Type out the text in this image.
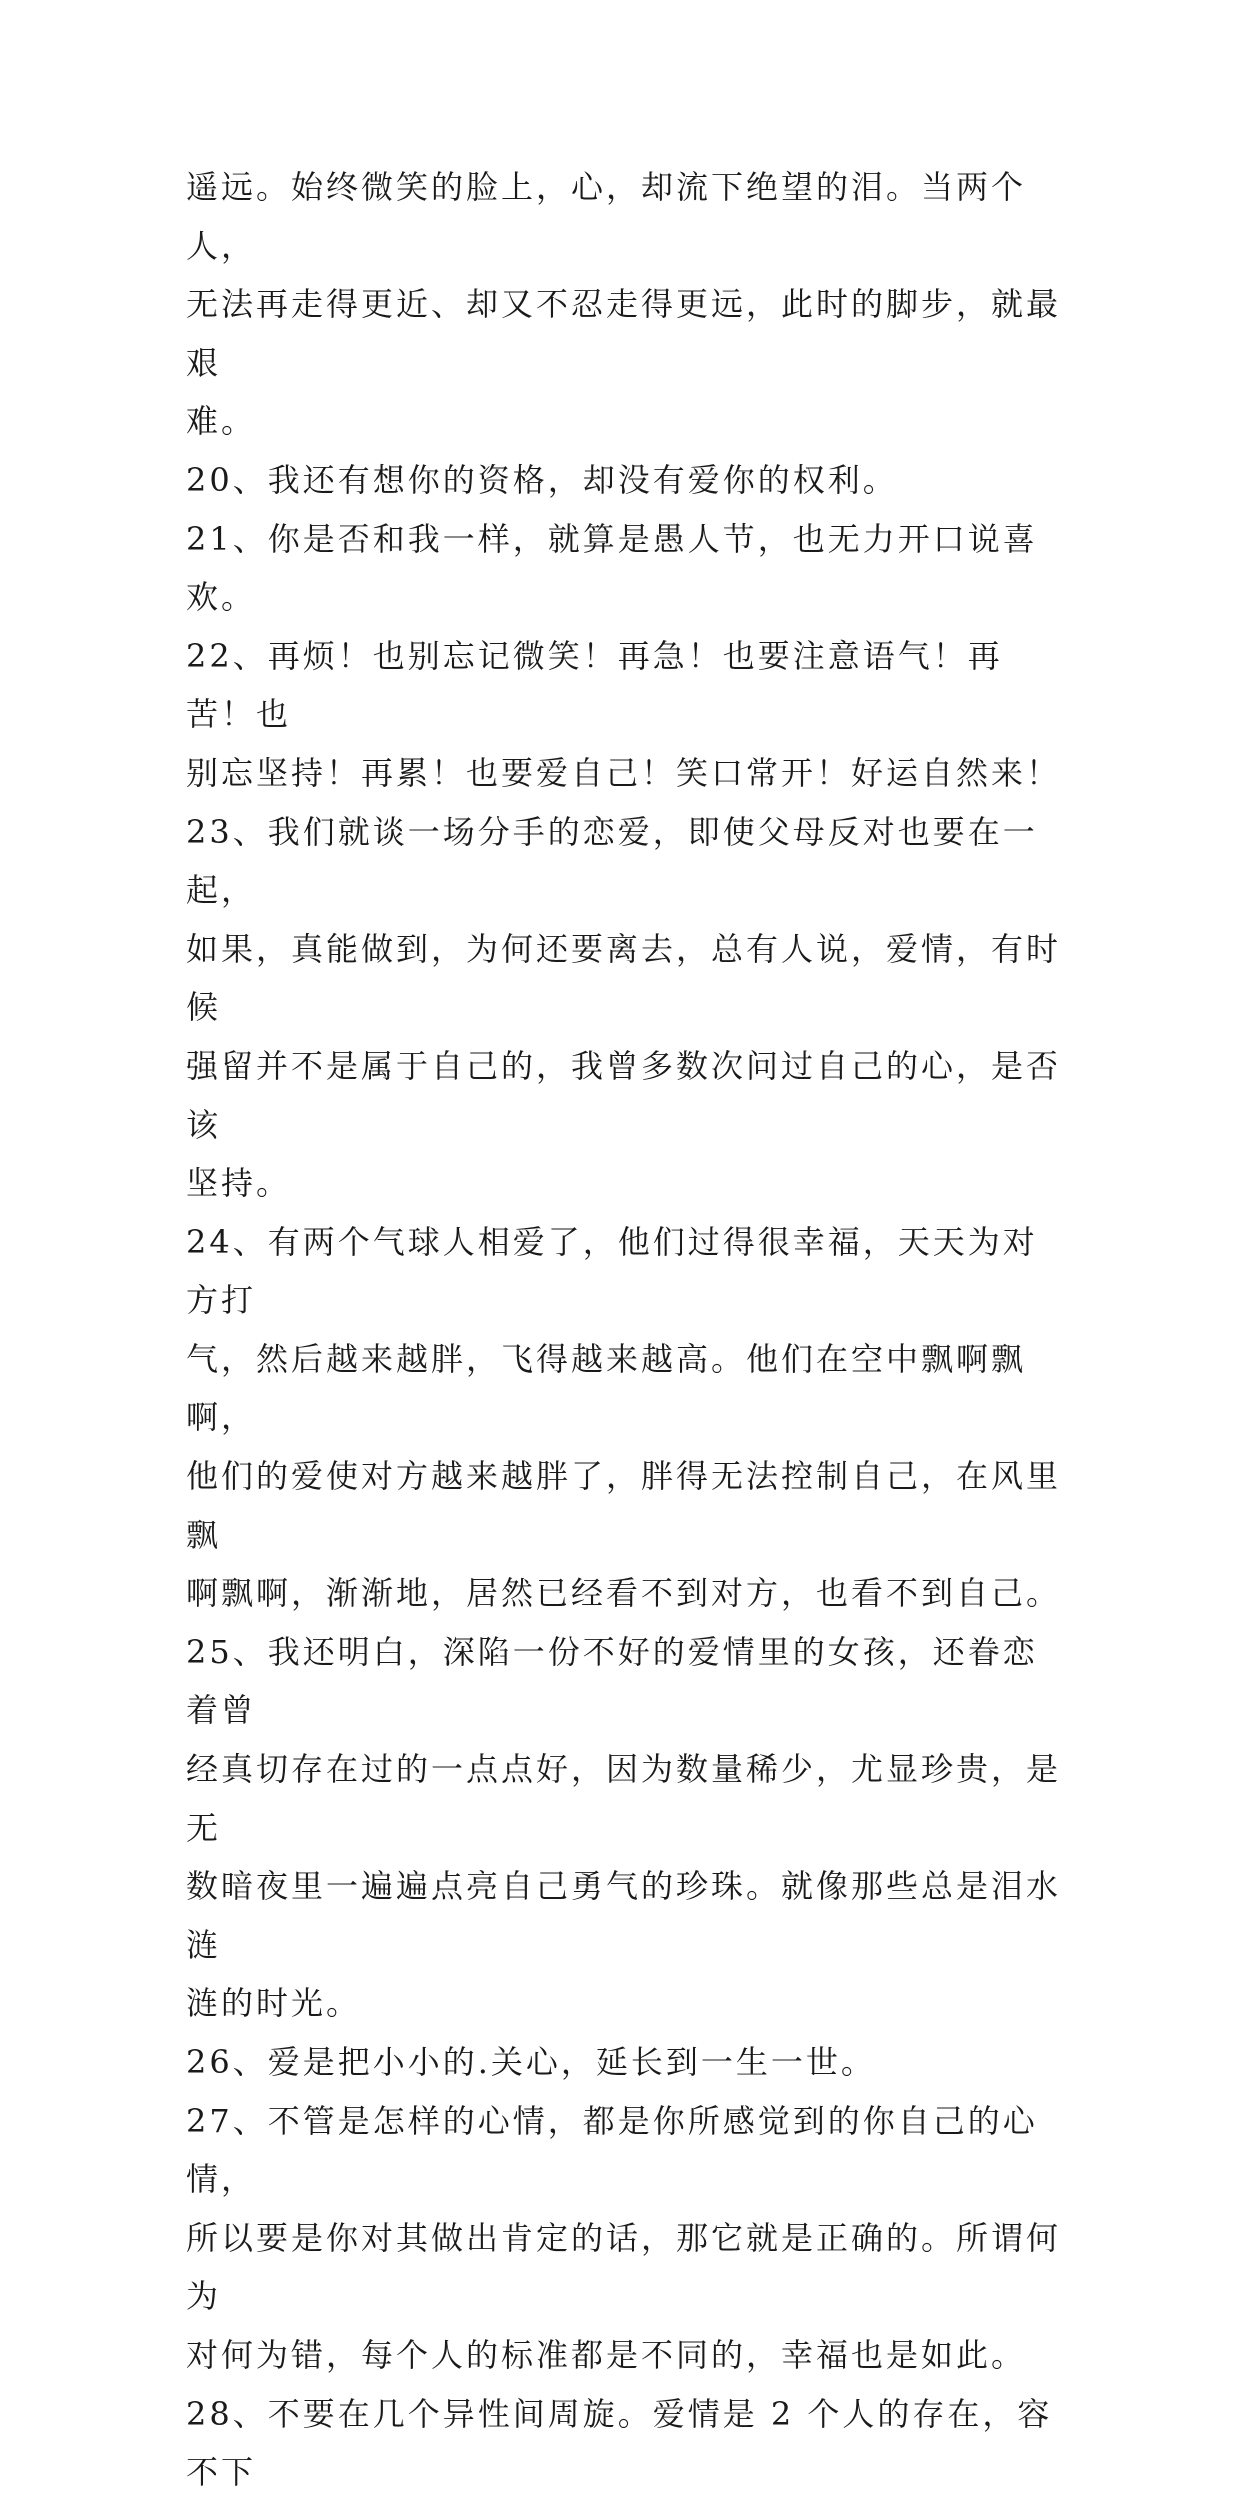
遥远。始终微笑的脸上，心，却流下绝望的泪。当两个人，
无法再走得更近、却又不忍走得更远，此时的脚步，就最艰
难。

20、我还有想你的资格，却没有爱你的权利。

21、你是否和我一样，就算是愚人节，也无力开口说喜欢。

22、再烦！也别忘记微笑！再急！也要注意语气！再苦！也
别忘坚持！再累！也要爱自己！笑口常开！好运自然来！

23、我们就谈一场分手的恋爱，即使父母反对也要在一起，
如果，真能做到，为何还要离去，总有人说，爱情，有时候
强留并不是属于自己的，我曾多数次问过自己的心，是否该
坚持。

24、有两个气球人相爱了，他们过得很幸福，天天为对方打
气，然后越来越胖，飞得越来越高。他们在空中飘啊飘啊，
他们的爱使对方越来越胖了，胖得无法控制自己，在风里飘
啊飘啊，渐渐地，居然已经看不到对方，也看不到自己。

25、我还明白，深陷一份不好的爱情里的女孩，还眷恋着曾
经真切存在过的一点点好，因为数量稀少，尤显珍贵，是无
数暗夜里一遍遍点亮自己勇气的珍珠。就像那些总是泪水涟
涟的时光。

26、爱是把小小的.关心，延长到一生一世。

27、不管是怎样的心情，都是你所感觉到的你自己的心情，
所以要是你对其做出肯定的话，那它就是正确的。所谓何为
对何为错，每个人的标准都是不同的，幸福也是如此。

28、不要在几个异性间周旋。爱情是 2 个人的存在，容不下
